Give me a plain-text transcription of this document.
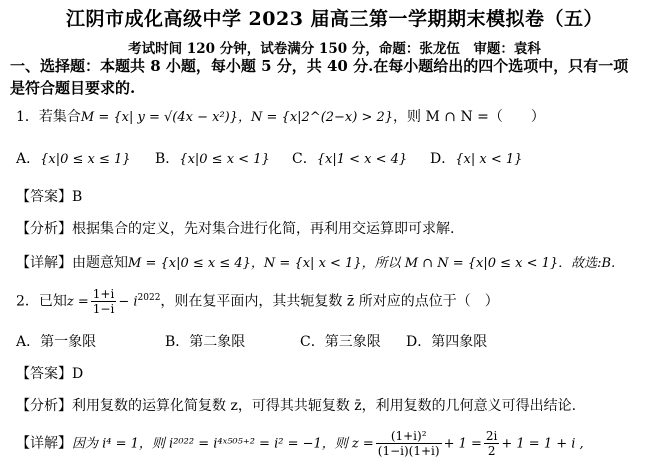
江阴市成化高级中学 2023 届高三第一学期期末模拟卷（五）
考试时间 120 分钟，试卷满分 150 分，命题：张龙伍　审题：袁科
一、选择题：本题共 8 小题，每小题 5 分，共 40 分.在每小题给出的四个选项中，只有一项
是符合题目要求的.
1．若集合M = {x| y = √(4x − x²)}，N = {x|2^(2−x) > 2}，则 M ∩ N =（　　）
A．{x|0 ≤ x ≤ 1} B．{x|0 ≤ x < 1} C．{x|1 < x < 4} D．{x| x < 1}
【答案】B
【分析】根据集合的定义，先对集合进行化简，再利用交运算即可求解.
【详解】由题意知M = {x|0 ≤ x ≤ 4}，N = {x| x < 1}，所以 M ∩ N = {x|0 ≤ x < 1}．故选:B.
2．已知$z = \frac{1+i}{1-i} - i^{2022}$，则在复平面内，其共轭复数 z̄ 所对应的点位于（　）
A．第一象限	B．第二象限	C．第三象限 D．第四象限
【答案】D
【分析】利用复数的运算化简复数 z，可得其共轭复数 z̄，利用复数的几何意义可得出结论.
【详解】因为 i⁴ = 1，则 i²⁰²² = i⁴ˣ⁵⁰⁵⁺² = i² = −1，则 $z = \frac{\text{(1+i)²}}{(1-i)(1+i)} + 1 = \frac{2i}{2} + 1 = 1 + i$ ,
